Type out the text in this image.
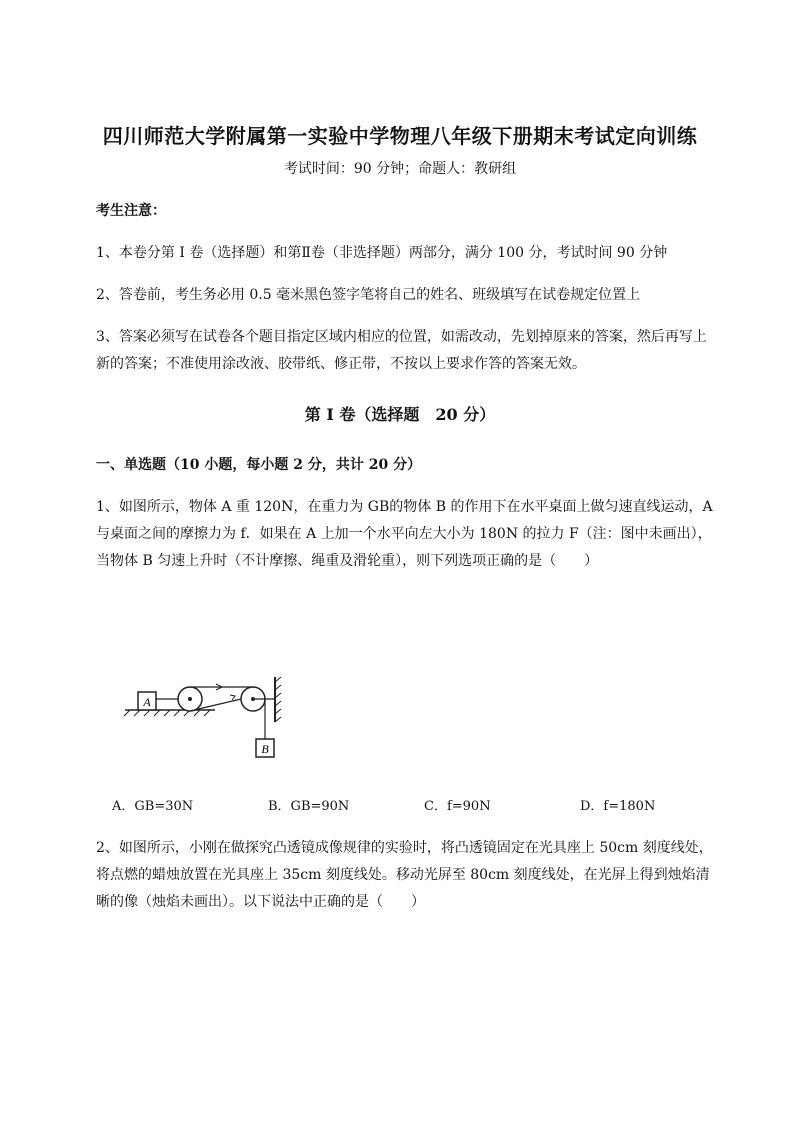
四川师范大学附属第一实验中学物理八年级下册期末考试定向训练
考试时间：90 分钟；命题人：教研组
考生注意：
1、本卷分第 I 卷（选择题）和第Ⅱ卷（非选择题）两部分，满分 100 分，考试时间 90 分钟
2、答卷前，考生务必用 0.5 毫米黑色签字笔将自己的姓名、班级填写在试卷规定位置上
3、答案必须写在试卷各个题目指定区域内相应的位置，如需改动，先划掉原来的答案，然后再写上新的答案；不准使用涂改液、胶带纸、修正带，不按以上要求作答的答案无效。
第 I 卷（选择题　20 分）
一、单选题（10 小题，每小题 2 分，共计 20 分）
1、如图所示，物体 A 重 120N，在重力为 GB的物体 B 的作用下在水平桌面上做匀速直线运动，A 与桌面之间的摩擦力为 f．如果在 A 上加一个水平向左大小为 180N 的拉力 F（注：图中未画出），当物体 B 匀速上升时（不计摩擦、绳重及滑轮重），则下列选项正确的是（　　）
A
B
A．GB=30N	B．GB=90N	C．f=90N	D．f=180N
2、如图所示，小刚在做探究凸透镜成像规律的实验时，将凸透镜固定在光具座上 50cm 刻度线处，将点燃的蜡烛放置在光具座上 35cm 刻度线处。移动光屏至 80cm 刻度线处，在光屏上得到烛焰清晰的像（烛焰未画出）。以下说法中正确的是（　　）
